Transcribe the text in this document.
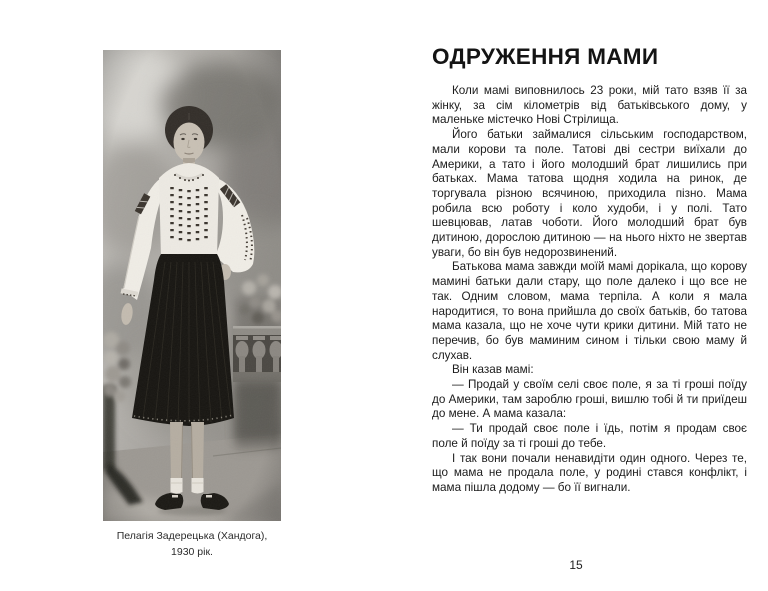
Пелагія Задерецька (Хандога),
1930 рік.
ОДРУЖЕННЯ МАМИ

Коли мамі виповнилось 23 роки, мій тато взяв її за жінку, за сім кілометрів від батьківського дому, у маленьке містечко Нові Стрілища.

Його батьки займалися сільським господарством, мали корови та поле. Татові дві сестри виїхали до Америки, а тато і його молодший брат лишились при батьках. Мама татова щодня ходила на ринок, де торгувала різною всячиною, приходила пізно. Мама робила всю роботу і коло худоби, і у полі. Тато шевцював, латав чоботи. Його молодший брат був дитиною, дорослою дитиною — на нього ніхто не звертав уваги, бо він був недорозвинений.

Батькова мама завжди моїй мамі дорікала, що корову мамині батьки дали стару, що поле далеко і що все не так. Одним словом, мама терпіла. А коли я мала народитися, то вона прийшла до своїх батьків, бо татова мама казала, що не хоче чути крики дитини. Мій тато не перечив, бо був маминим сином і тільки свою маму й слухав.

Він казав мамі:

— Продай у своїм селі своє поле, я за ті гроші поїду до Америки, там зароблю гроші, вишлю тобі й ти приїдеш до мене. А мама казала:

— Ти продай своє поле і їдь, потім я продам своє поле й поїду за ті гроші до тебе.

І так вони почали ненавидіти один одного. Через те, що мама не продала поле, у родині стався конфлікт, і мама пішла додому — бо її вигнали.

15
